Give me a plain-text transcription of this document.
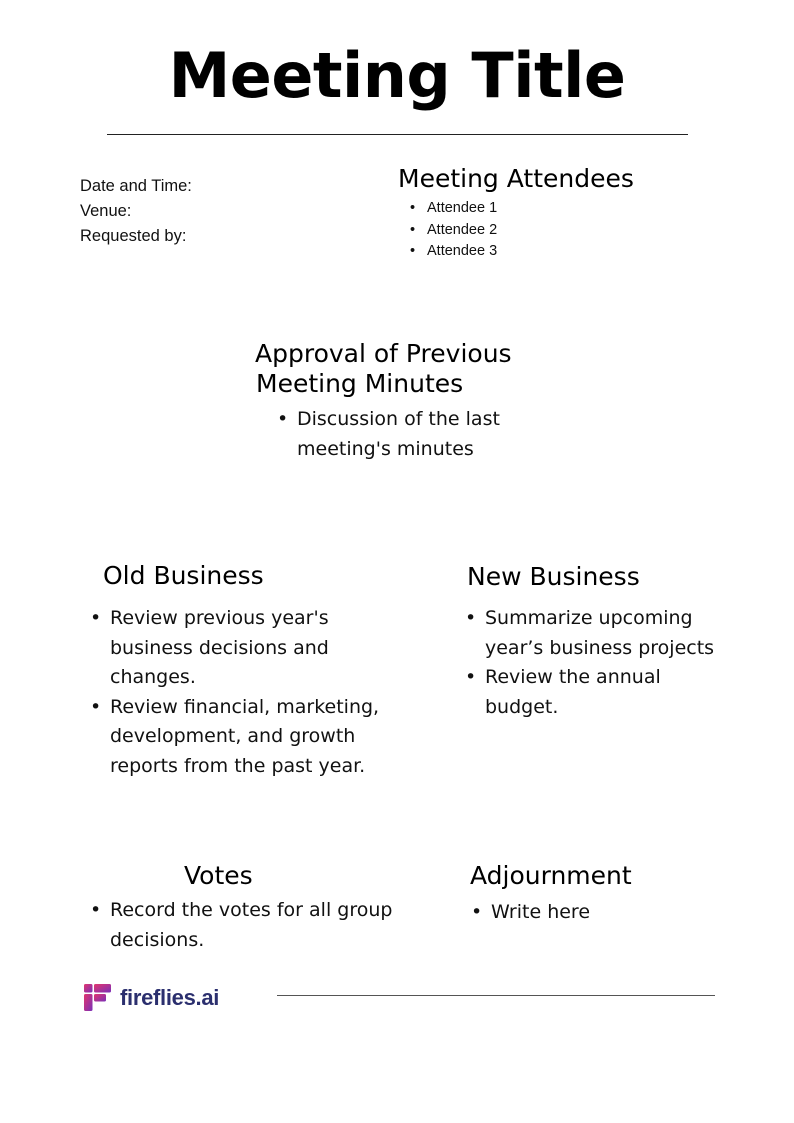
Meeting Title
Date and Time:
Venue:
Requested by:
Meeting Attendees
• Attendee 1
• Attendee 2
• Attendee 3
Approval of Previous
Meeting Minutes
• Discussion of the last meeting's minutes
Old Business
• Review previous year's business decisions and changes.
• Review financial, marketing, development, and growth reports from the past year.
New Business
• Summarize upcoming year’s business projects
• Review the annual budget.
Votes
• Record the votes for all group decisions.
Adjournment
• Write here
fireflies.ai
